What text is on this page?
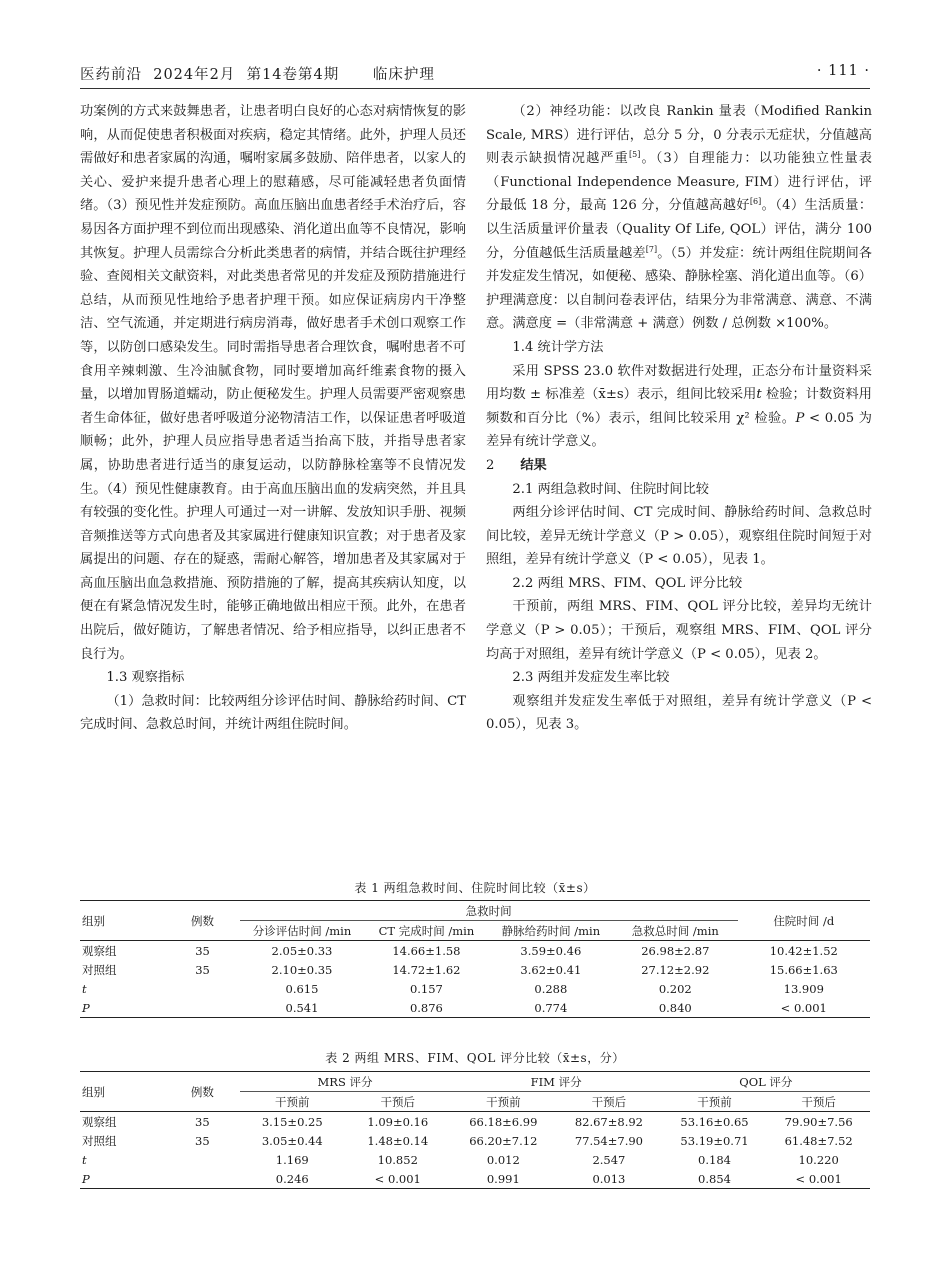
医药前沿  2024年2月  第14卷第4期      临床护理	· 111 ·

功案例的方式来鼓舞患者，让患者明白良好的心态对病情恢复的影响，从而促使患者积极面对疾病，稳定其情绪。此外，护理人员还需做好和患者家属的沟通，嘱咐家属多鼓励、陪伴患者，以家人的关心、爱护来提升患者心理上的慰藉感，尽可能减轻患者负面情绪。（3）预见性并发症预防。高血压脑出血患者经手术治疗后，容易因各方面护理不到位而出现感染、消化道出血等不良情况，影响其恢复。护理人员需综合分析此类患者的病情，并结合既往护理经验、查阅相关文献资料，对此类患者常见的并发症及预防措施进行总结，从而预见性地给予患者护理干预。如应保证病房内干净整洁、空气流通，并定期进行病房消毒，做好患者手术创口观察工作等，以防创口感染发生。同时需指导患者合理饮食，嘱咐患者不可食用辛辣刺激、生冷油腻食物，同时要增加高纤维素食物的摄入量，以增加胃肠道蠕动，防止便秘发生。护理人员需要严密观察患者生命体征，做好患者呼吸道分泌物清洁工作，以保证患者呼吸道顺畅；此外，护理人员应指导患者适当抬高下肢，并指导患者家属，协助患者进行适当的康复运动，以防静脉栓塞等不良情况发生。（4）预见性健康教育。由于高血压脑出血的发病突然，并且具有较强的变化性。护理人可通过一对一讲解、发放知识手册、视频音频推送等方式向患者及其家属进行健康知识宣教；对于患者及家属提出的问题、存在的疑惑，需耐心解答，增加患者及其家属对于高血压脑出血急救措施、预防措施的了解，提高其疾病认知度，以便在有紧急情况发生时，能够正确地做出相应干预。此外，在患者出院后，做好随访，了解患者情况、给予相应指导，以纠正患者不良行为。

1.3 观察指标

（1）急救时间：比较两组分诊评估时间、静脉给药时间、CT 完成时间、急救总时间，并统计两组住院时间。

（2）神经功能：以改良 Rankin 量表（Modified Rankin Scale, MRS）进行评估，总分 5 分，0 分表示无症状，分值越高则表示缺损情况越严重[5]。（3）自理能力：以功能独立性量表（Functional Independence Measure, FIM）进行评估，评分最低 18 分，最高 126 分，分值越高越好[6]。（4）生活质量：以生活质量评价量表（Quality Of Life, QOL）评估，满分 100 分，分值越低生活质量越差[7]。（5）并发症：统计两组住院期间各并发症发生情况，如便秘、感染、静脉栓塞、消化道出血等。（6）护理满意度：以自制问卷表评估，结果分为非常满意、满意、不满意。满意度 =（非常满意 + 满意）例数 / 总例数 ×100%。

1.4 统计学方法

采用 SPSS 23.0 软件对数据进行处理，正态分布计量资料采用均数 ± 标准差（x̄±s）表示，组间比较采用t 检验；计数资料用频数和百分比（%）表示，组间比较采用 χ² 检验。P < 0.05 为差异有统计学意义。

2 结果
2.1 两组急救时间、住院时间比较

两组分诊评估时间、CT 完成时间、静脉给药时间、急救总时间比较，差异无统计学意义（P > 0.05），观察组住院时间短于对照组，差异有统计学意义（P < 0.05），见表 1。

2.2 两组 MRS、FIM、QOL 评分比较

干预前，两组 MRS、FIM、QOL 评分比较，差异均无统计学意义（P > 0.05）；干预后，观察组 MRS、FIM、QOL 评分均高于对照组，差异有统计学意义（P < 0.05），见表 2。

2.3 两组并发症发生率比较

观察组并发症发生率低于对照组，差异有统计学意义（P < 0.05），见表 3。

表 1 两组急救时间、住院时间比较（x̄±s）
组别	例数	急救时间				住院时间 /d
		分诊评估时间 /min	CT 完成时间 /min	静脉给药时间 /min	急救总时间 /min	
观察组	35	2.05±0.33	14.66±1.58	3.59±0.46	26.98±2.87	10.42±1.52
对照组	35	2.10±0.35	14.72±1.62	3.62±0.41	27.12±2.92	15.66±1.63
t		0.615	0.157	0.288	0.202	13.909
P		0.541	0.876	0.774	0.840	< 0.001
表 2 两组 MRS、FIM、QOL 评分比较（x̄±s，分）
组别	例数	MRS 评分		FIM 评分		QOL 评分	
		干预前	干预后	干预前	干预后	干预前	干预后
观察组	35	3.15±0.25	1.09±0.16	66.18±6.99	82.67±8.92	53.16±0.65	79.90±7.56
对照组	35	3.05±0.44	1.48±0.14	66.20±7.12	77.54±7.90	53.19±0.71	61.48±7.52
t		1.169	10.852	0.012	2.547	0.184	10.220
P		0.246	< 0.001	0.991	0.013	0.854	< 0.001
